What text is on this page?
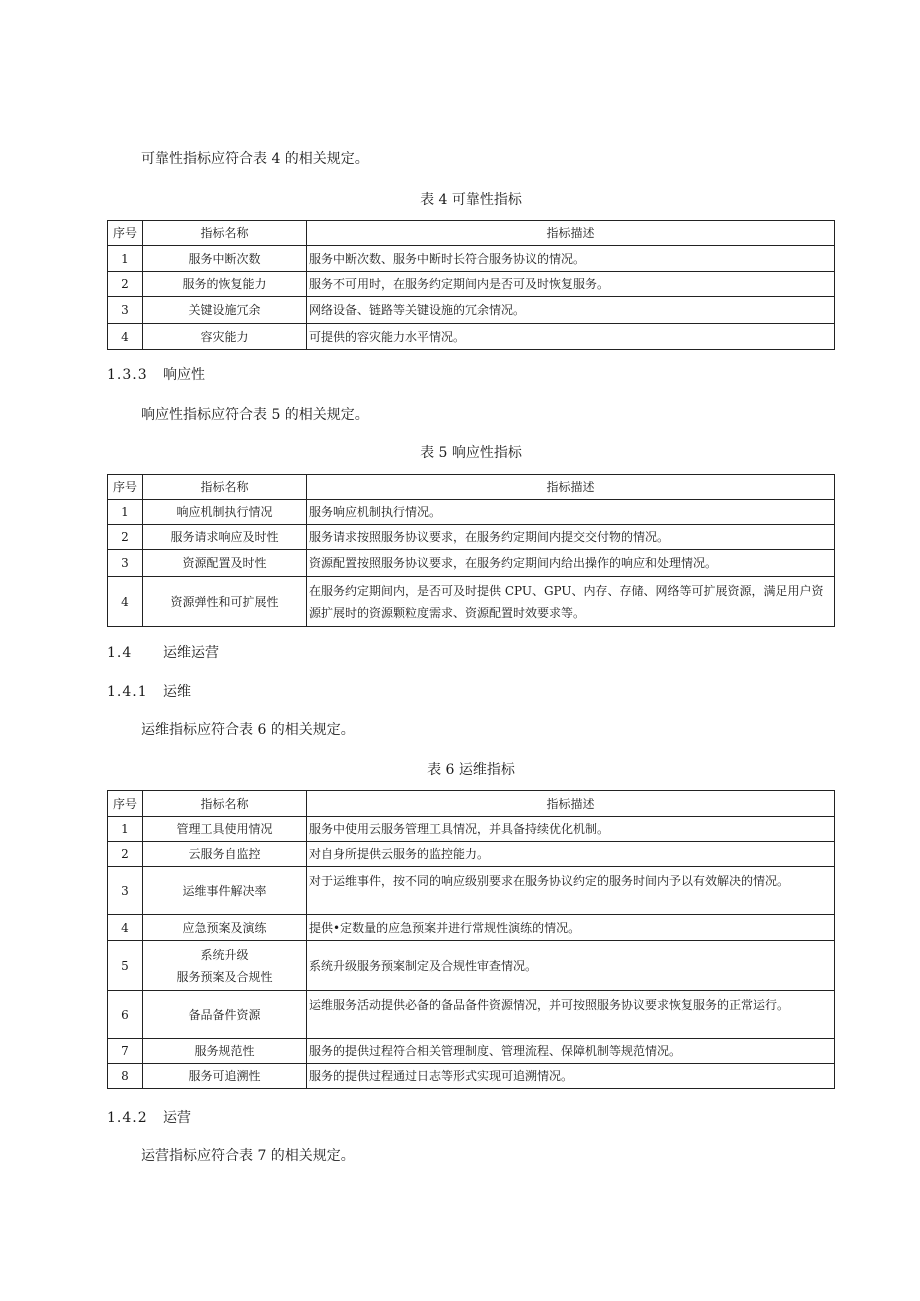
可靠性指标应符合表 4 的相关规定。
表 4 可靠性指标
序号	指标名称	指标描述
1	服务中断次数	服务中断次数、服务中断时长符合服务协议的情况。
2	服务的恢复能力	服务不可用时，在服务约定期间内是否可及时恢复服务。
3	关键设施冗余	网络设备、链路等关键设施的冗余情况。
4	容灾能力	可提供的容灾能力水平情况。
1.3.3 响应性
响应性指标应符合表 5 的相关规定。
表 5 响应性指标
序号	指标名称	指标描述
1	响应机制执行情况	服务响应机制执行情况。
2	服务请求响应及时性	服务请求按照服务协议要求，在服务约定期间内提交交付物的情况。
3	资源配置及时性	资源配置按照服务协议要求，在服务约定期间内给出操作的响应和处理情况。
4	资源弹性和可扩展性	在服务约定期间内，是否可及时提供 CPU、GPU、内存、存储、网络等可扩展资源，满足用户资源扩展时的资源颗粒度需求、资源配置时效要求等。
1.4 运维运营
1.4.1 运维
运维指标应符合表 6 的相关规定。
表 6 运维指标
序号	指标名称	指标描述
1	管理工具使用情况	服务中使用云服务管理工具情况，并具备持续优化机制。
2	云服务自监控	对自身所提供云服务的监控能力。
3	运维事件解决率	对于运维事件，按不同的响应级别要求在服务协议约定的服务时间内予以有效解决的情况。
4	应急预案及演练	提供•定数量的应急预案并进行常规性演练的情况。
5	系统升级
服务预案及合规性	系统升级服务预案制定及合规性审查情况。
6	备品备件资源	运维服务活动提供必备的备品备件资源情况，并可按照服务协议要求恢复服务的正常运行。
7	服务规范性	服务的提供过程符合相关管理制度、管理流程、保障机制等规范情况。
8	服务可追溯性	服务的提供过程通过日志等形式实现可追溯情况。
1.4.2 运营
运营指标应符合表 7 的相关规定。
